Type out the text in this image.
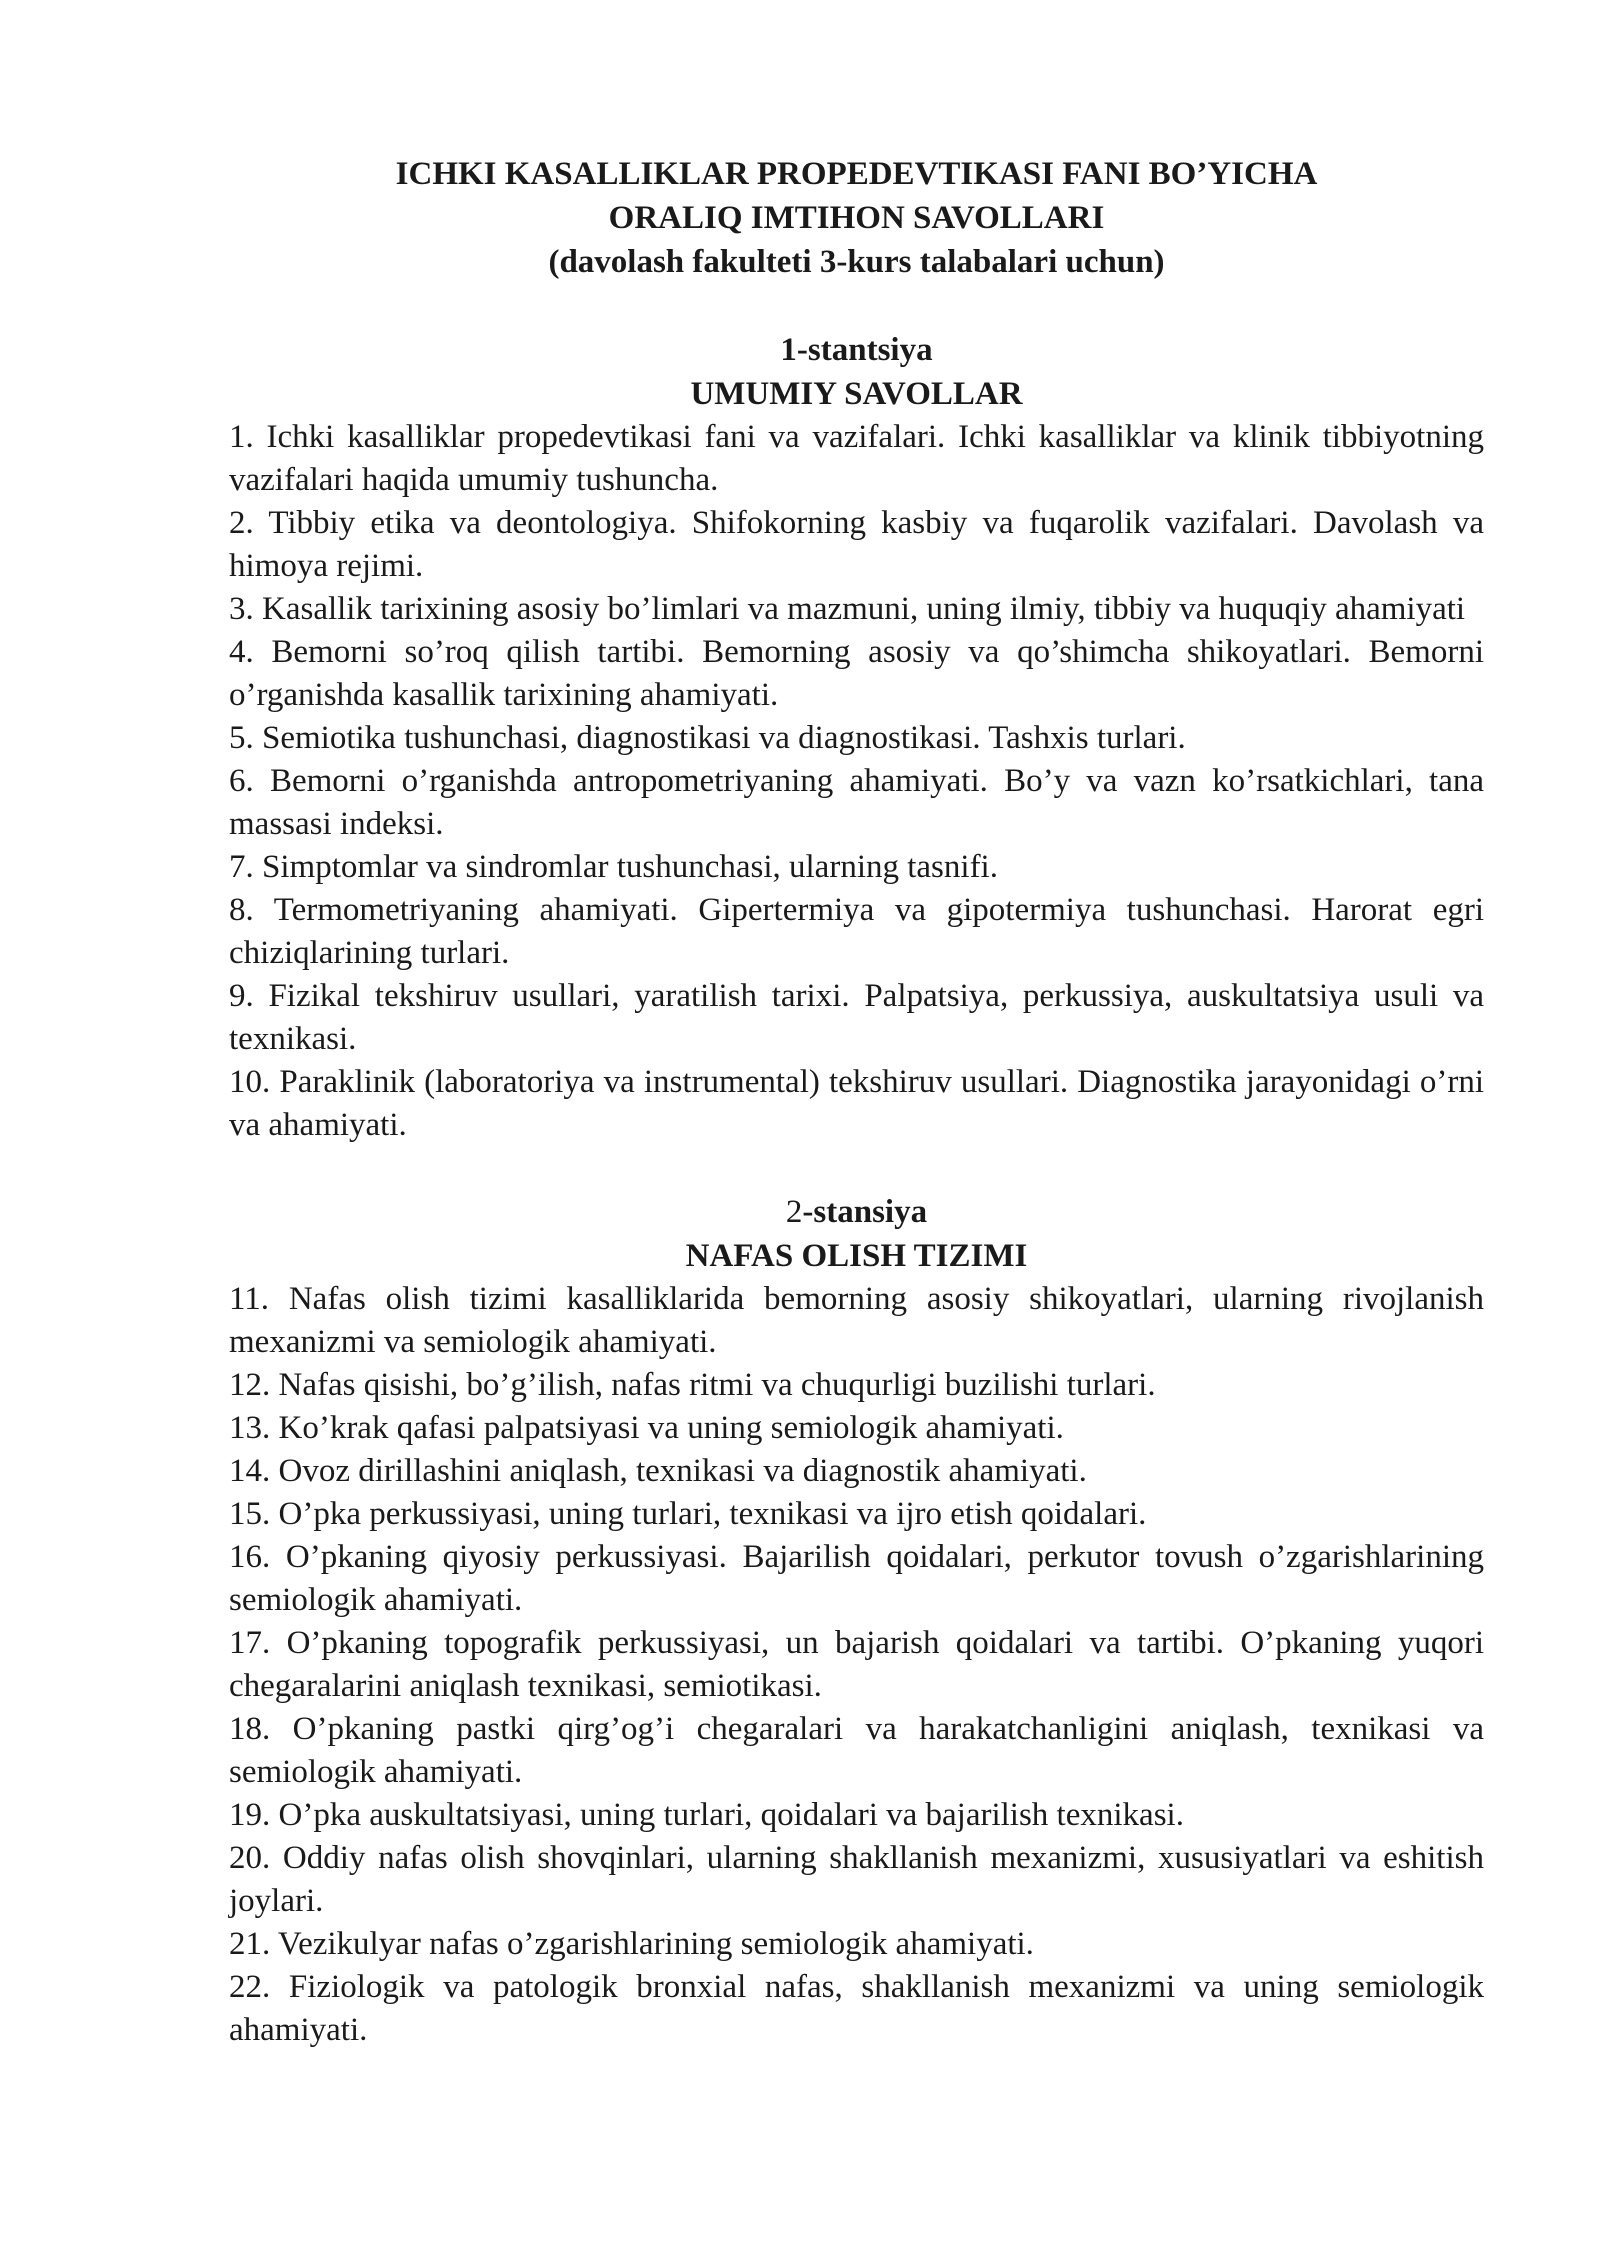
ICHKI KASALLIKLAR PROPEDEVTIKASI FANI BO’YICHA
ORALIQ IMTIHON SAVOLLARI
(davolash fakulteti 3-kurs talabalari uchun)
1-stantsiya
UMUMIY SAVOLLAR

1. Ichki kasalliklar propedevtikasi fani va vazifalari. Ichki kasalliklar va klinik tibbiyotning vazifalari haqida umumiy tushuncha.

2. Tibbiy etika va deontologiya. Shifokorning kasbiy va fuqarolik vazifalari. Davolash va himoya rejimi.

3. Kasallik tarixining asosiy bo’limlari va mazmuni, uning ilmiy, tibbiy va huquqiy ahamiyati

4. Bemorni so’roq qilish tartibi. Bemorning asosiy va qo’shimcha shikoyatlari. Bemorni o’rganishda kasallik tarixining ahamiyati.

5. Semiotika tushunchasi, diagnostikasi va diagnostikasi. Tashxis turlari.

6. Bemorni o’rganishda antropometriyaning ahamiyati. Bo’y va vazn ko’rsatkichlari, tana massasi indeksi.

7. Simptomlar va sindromlar tushunchasi, ularning tasnifi.

8. Termometriyaning ahamiyati. Gipertermiya va gipotermiya tushunchasi. Harorat egri chiziqlarining turlari.

9. Fizikal tekshiruv usullari, yaratilish tarixi. Palpatsiya, perkussiya, auskultatsiya usuli va texnikasi.

10. Paraklinik (laboratoriya va instrumental) tekshiruv usullari. Diagnostika jarayonidagi o’rni va ahamiyati.

2-stansiya
NAFAS OLISH TIZIMI

11. Nafas olish tizimi kasalliklarida bemorning asosiy shikoyatlari, ularning rivojlanish mexanizmi va semiologik ahamiyati.

12. Nafas qisishi, bo’g’ilish, nafas ritmi va chuqurligi buzilishi turlari.

13. Ko’krak qafasi palpatsiyasi va uning semiologik ahamiyati.

14. Ovoz dirillashini aniqlash, texnikasi va diagnostik ahamiyati.

15. O’pka perkussiyasi, uning turlari, texnikasi va ijro etish qoidalari.

16. O’pkaning qiyosiy perkussiyasi. Bajarilish qoidalari, perkutor tovush o’zgarishlarining semiologik ahamiyati.

17. O’pkaning topografik perkussiyasi, un bajarish qoidalari va tartibi. O’pkaning yuqori chegaralarini aniqlash texnikasi, semiotikasi.

18. O’pkaning pastki qirg’og’i chegaralari va harakatchanligini aniqlash, texnikasi va semiologik ahamiyati.

19. O’pka auskultatsiyasi, uning turlari, qoidalari va bajarilish texnikasi.

20. Oddiy nafas olish shovqinlari, ularning shakllanish mexanizmi, xususiyatlari va eshitish joylari.

21. Vezikulyar nafas o’zgarishlarining semiologik ahamiyati.

22. Fiziologik va patologik bronxial nafas, shakllanish mexanizmi va uning semiologik ahamiyati.
